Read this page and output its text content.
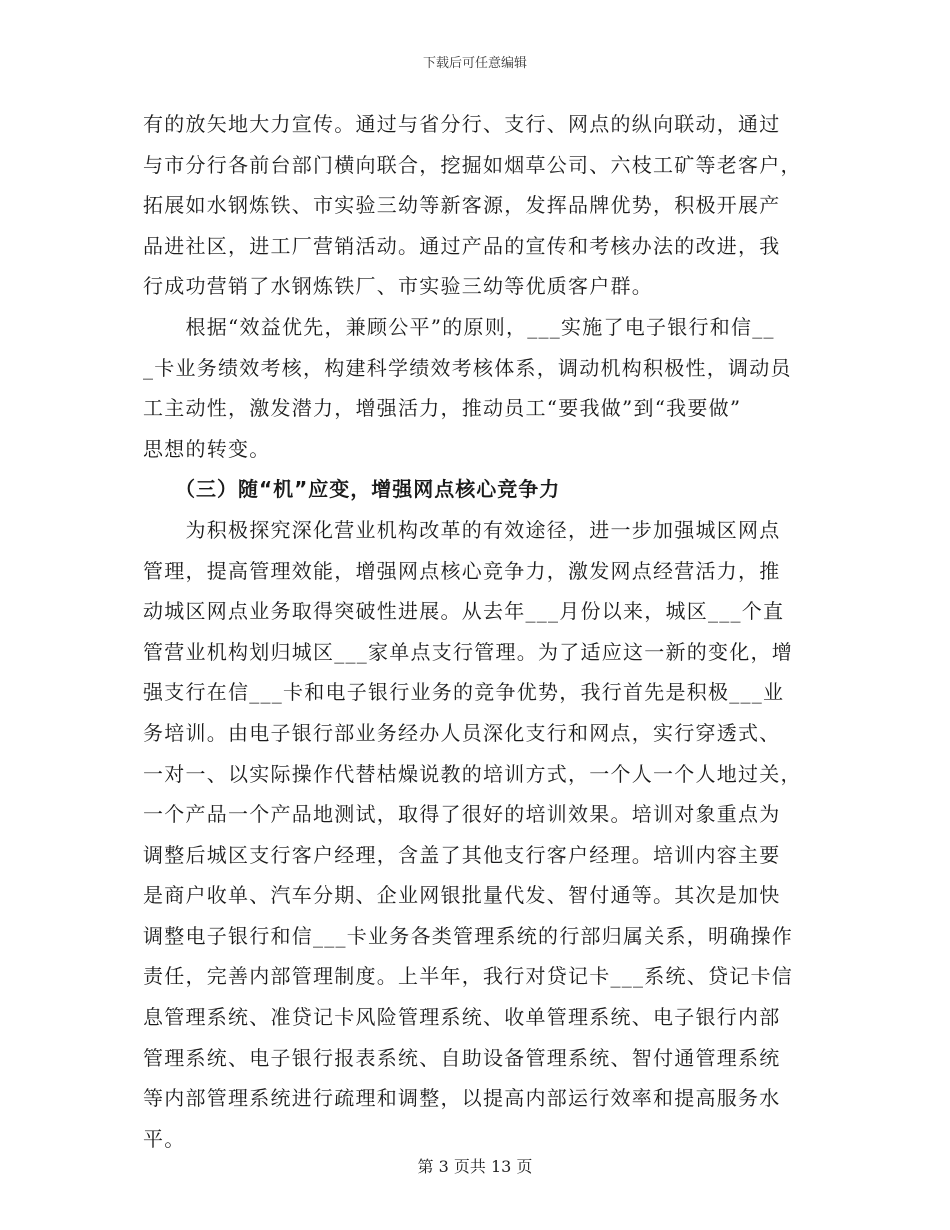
下载后可任意编辑
有的放矢地大力宣传。通过与省分行、支行、网点的纵向联动，通过
与市分行各前台部门横向联合，挖掘如烟草公司、六枝工矿等老客户，
拓展如水钢炼铁、市实验三幼等新客源，发挥品牌优势，积极开展产
品进社区，进工厂营销活动。通过产品的宣传和考核办法的改进，我
行成功营销了水钢炼铁厂、市实验三幼等优质客户群。
　　根据“效益优先，兼顾公平”的原则，___实施了电子银行和信__
_卡业务绩效考核，构建科学绩效考核体系，调动机构积极性，调动员
工主动性，激发潜力，增强活力，推动员工“要我做”到“我要做”
思想的转变。
　　（三）随“机”应变，增强网点核心竞争力
　　为积极探究深化营业机构改革的有效途径，进一步加强城区网点
管理，提高管理效能，增强网点核心竞争力，激发网点经营活力，推
动城区网点业务取得突破性进展。从去年___月份以来，城区___个直
管营业机构划归城区___家单点支行管理。为了适应这一新的变化，增
强支行在信___卡和电子银行业务的竞争优势，我行首先是积极___业
务培训。由电子银行部业务经办人员深化支行和网点，实行穿透式、
一对一、以实际操作代替枯燥说教的培训方式，一个人一个人地过关，
一个产品一个产品地测试，取得了很好的培训效果。培训对象重点为
调整后城区支行客户经理，含盖了其他支行客户经理。培训内容主要
是商户收单、汽车分期、企业网银批量代发、智付通等。其次是加快
调整电子银行和信___卡业务各类管理系统的行部归属关系，明确操作
责任，完善内部管理制度。上半年，我行对贷记卡___系统、贷记卡信
息管理系统、准贷记卡风险管理系统、收单管理系统、电子银行内部
管理系统、电子银行报表系统、自助设备管理系统、智付通管理系统
等内部管理系统进行疏理和调整，以提高内部运行效率和提高服务水
平。
第 3 页共 13 页
